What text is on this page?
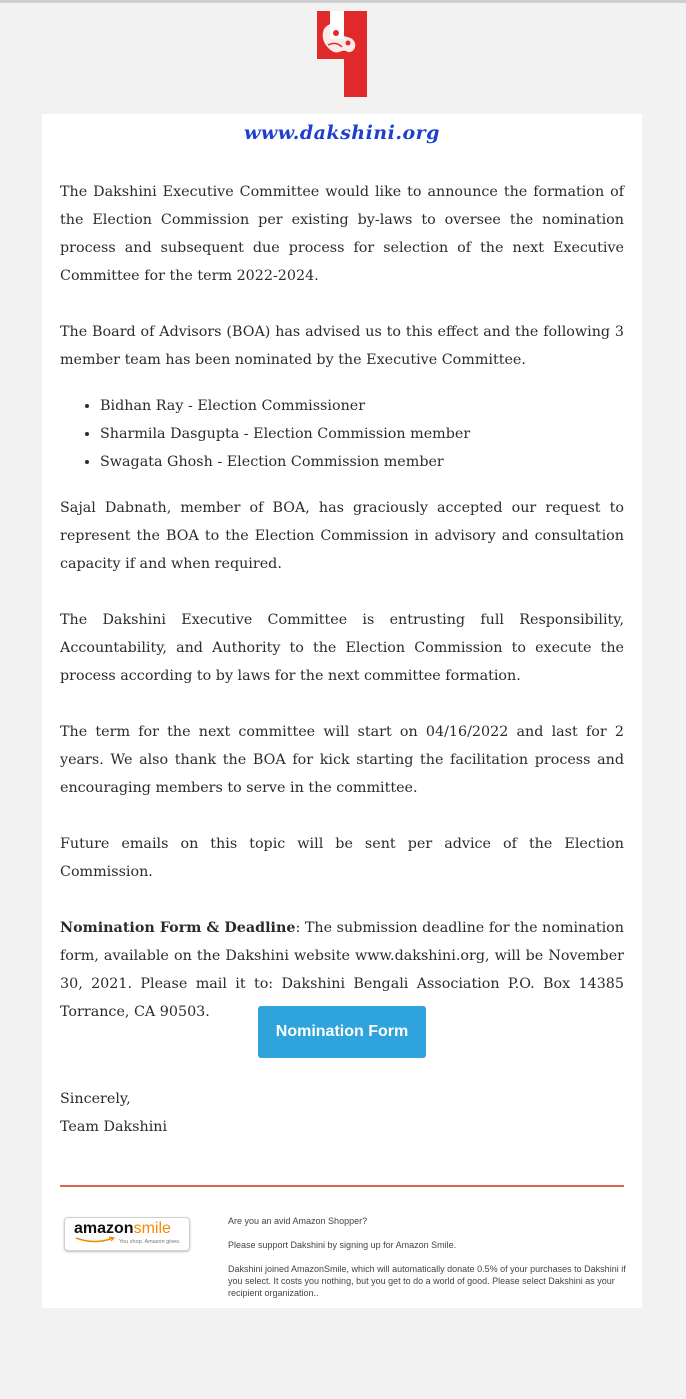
www.dakshini.org

The Dakshini Executive Committee would like to announce the formation of the Election Commission per existing by-laws to oversee the nomination process and subsequent due process for selection of the next Executive Committee for the term 2022-2024.

The Board of Advisors (BOA) has advised us to this effect and the following 3 member team has been nominated by the Executive Committee.

• Bidhan Ray - Election Commissioner
• Sharmila Dasgupta - Election Commission member
• Swagata Ghosh - Election Commission member

Sajal Dabnath, member of BOA, has graciously accepted our request to represent the BOA to the Election Commission in advisory and consultation capacity if and when required.

The Dakshini Executive Committee is entrusting full Responsibility, Accountability, and Authority to the Election Commission to execute the process according to by laws for the next committee formation.

The term for the next committee will start on 04/16/2022 and last for 2 years. We also thank the BOA for kick starting the facilitation process and encouraging members to serve in the committee.

Future emails on this topic will be sent per advice of the Election Commission.

Nomination Form & Deadline: The submission deadline for the nomination form, available on the Dakshini website www.dakshini.org, will be November 30, 2021. Please mail it to: Dakshini Bengali Association P.O. Box 14385 Torrance, CA 90503.

Nomination Form
Sincerely,
Team Dakshini
amazonsmile
You shop. Amazon gives.
Are you an avid Amazon Shopper?
Please support Dakshini by signing up for Amazon Smile.
Dakshini joined AmazonSmile, which will automatically donate 0.5% of your purchases to Dakshini if you select. It costs you nothing, but you get to do a world of good. Please select Dakshini as your recipient organization..
